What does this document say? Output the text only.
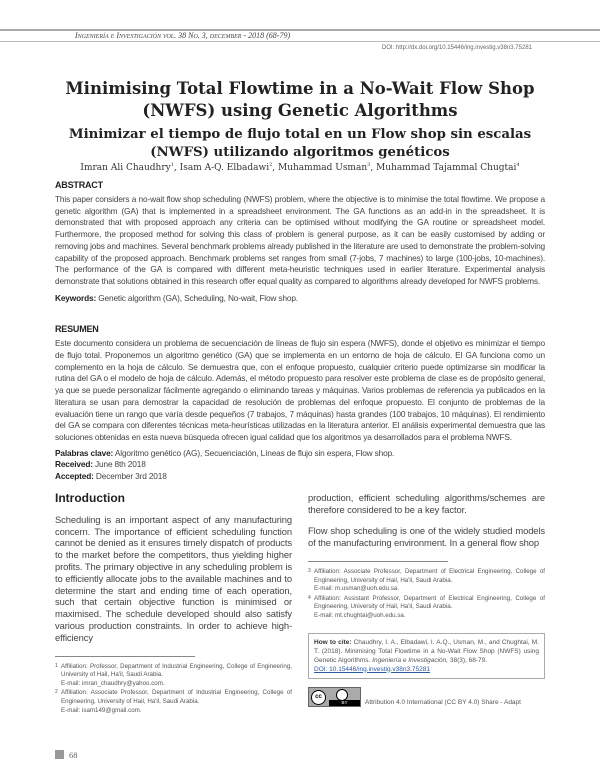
Ingeniería e Investigación vol. 38 No. 3, december - 2018 (68-79)
DOI: http://dx.doi.org/10.15446/ing.investig.v38n3.75281
Minimising Total Flowtime in a No-Wait Flow Shop (NWFS) using Genetic Algorithms
Minimizar el tiempo de flujo total en un Flow shop sin escalas (NWFS) utilizando algoritmos genéticos
Imran Ali Chaudhry$^1$, Isam A-Q. Elbadawi$^2$, Muhammad Usman$^3$, Muhammad Tajammal Chugtai$^4$
ABSTRACT
This paper considers a no-wait flow shop scheduling (NWFS) problem, where the objective is to minimise the total flowtime. We propose a genetic algorithm (GA) that is implemented in a spreadsheet environment. The GA functions as an add-in in the spreadsheet. It is demonstrated that with proposed approach any criteria can be optimised without modifying the GA routine or spreadsheet model. Furthermore, the proposed method for solving this class of problem is general purpose, as it can be easily customised by adding or removing jobs and machines. Several benchmark problems already published in the literature are used to demonstrate the problem-solving capability of the proposed approach. Benchmark problems set ranges from small (7-jobs, 7 machines) to large (100-jobs, 10-machines). The performance of the GA is compared with different meta-heuristic techniques used in earlier literature. Experimental analysis demonstrate that solutions obtained in this research offer equal quality as compared to algorithms already developed for NWFS problems.
Keywords: Genetic algorithm (GA), Scheduling, No-wait, Flow shop.
RESUMEN
Este documento considera un problema de secuenciación de líneas de flujo sin espera (NWFS), donde el objetivo es minimizar el tiempo de flujo total. Proponemos un algoritmo genético (GA) que se implementa en un entorno de hoja de cálculo. El GA funciona como un complemento en la hoja de cálculo. Se demuestra que, con el enfoque propuesto, cualquier criterio puede optimizarse sin modificar la rutina del GA o el modelo de hoja de cálculo. Además, el método propuesto para resolver este problema de clase es de propósito general, ya que se puede personalizar fácilmente agregando o eliminando tareas y máquinas. Varios problemas de referencia ya publicados en la literatura se usan para demostrar la capacidad de resolución de problemas del enfoque propuesto. El conjunto de problemas de la evaluación tiene un rango que varía desde pequeños (7 trabajos, 7 máquinas) hasta grandes (100 trabajos, 10 máquinas). El rendimiento del GA se compara con diferentes técnicas meta-heurísticas utilizadas en la literatura anterior. El análisis experimental demuestra que las soluciones obtenidas en esta nueva búsqueda ofrecen igual calidad que los algoritmos ya desarrollados para el problema NWFS.
Palabras clave: Algoritmo genético (AG), Secuenciación, Líneas de flujo sin espera, Flow shop.
Received: June 8th 2018
Accepted: December 3rd 2018
Introduction
Scheduling is an important aspect of any manufacturing concern. The importance of efficient scheduling function cannot be denied as it ensures timely dispatch of products to the market before the competitors, thus yielding higher profits. The primary objective in any scheduling problem is to efficiently allocate jobs to the available machines and to determine the start and ending time of each operation, such that certain objective function is minimised or maximised. The schedule developed should also satisfy various production constraints. In order to achieve high-efficiency
1 Affiliation: Professor, Department of Industrial Engineering, College of Engineering, University of Hail, Ha'il, Saudi Arabia.
E-mail: imran_chaudhry@yahoo.com.
2 Affiliation: Associate Professor, Department of Industrial Engineering, College of Engineering, University of Hail, Ha'il, Saudi Arabia.
E-mail: isam149@gmail.com.
production, efficient scheduling algorithms/schemes are therefore considered to be a key factor.
Flow shop scheduling is one of the widely studied models of the manufacturing environment. In a general flow shop
3 Affiliation: Associate Professor, Department of Electrical Engineering, College of Engineering, University of Hail, Ha'il, Saudi Arabia.
E-mail: m.usman@uoh.edu.sa.
4 Affiliation: Assistant Professor, Department of Electrical Engineering, College of Engineering, University of Hail, Ha'il, Saudi Arabia.
E-mail: mt.chughtai@uoh.edu.sa.
How to cite: Chaudhry, I. A., Elbadawi, I. A.Q., Usman, M., and Chughtai, M. T. (2018). Minimising Total Flowtime in a No-Wait Flow Shop (NWFS) using Genetic Algorithms. Ingeniería e Investigación, 38(3), 68-79.
DOI: 10.15446/ing.investig.v38n3.75281
cc
BY	Attribution 4.0 International (CC BY 4.0) Share - Adapt
68
